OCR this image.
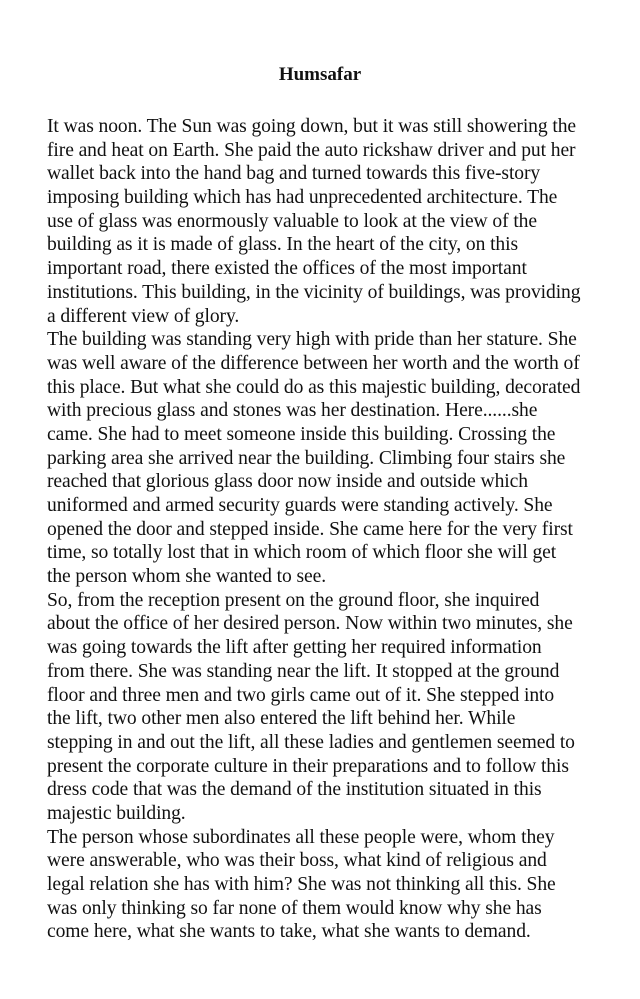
Humsafar
It was noon. The Sun was going down, but it was still showering the
fire and heat on Earth. She paid the auto rickshaw driver and put her
wallet back into the hand bag and turned towards this five-story
imposing building which has had unprecedented architecture. The
use of glass was enormously valuable to look at the view of the
building as it is made of glass. In the heart of the city, on this
important road, there existed the offices of the most important
institutions. This building, in the vicinity of buildings, was providing
a different view of glory.
The building was standing very high with pride than her stature. She
was well aware of the difference between her worth and the worth of
this place. But what she could do as this majestic building, decorated
with precious glass and stones was her destination. Here......she
came. She had to meet someone inside this building. Crossing the
parking area she arrived near the building. Climbing four stairs she
reached that glorious glass door now inside and outside which
uniformed and armed security guards were standing actively. She
opened the door and stepped inside. She came here for the very first
time, so totally lost that in which room of which floor she will get
the person whom she wanted to see.
So, from the reception present on the ground floor, she inquired
about the office of her desired person. Now within two minutes, she
was going towards the lift after getting her required information
from there. She was standing near the lift. It stopped at the ground
floor and three men and two girls came out of it. She stepped into
the lift, two other men also entered the lift behind her. While
stepping in and out the lift, all these ladies and gentlemen seemed to
present the corporate culture in their preparations and to follow this
dress code that was the demand of the institution situated in this
majestic building.
The person whose subordinates all these people were, whom they
were answerable, who was their boss, what kind of religious and
legal relation she has with him? She was not thinking all this. She
was only thinking so far none of them would know why she has
come here, what she wants to take, what she wants to demand.
